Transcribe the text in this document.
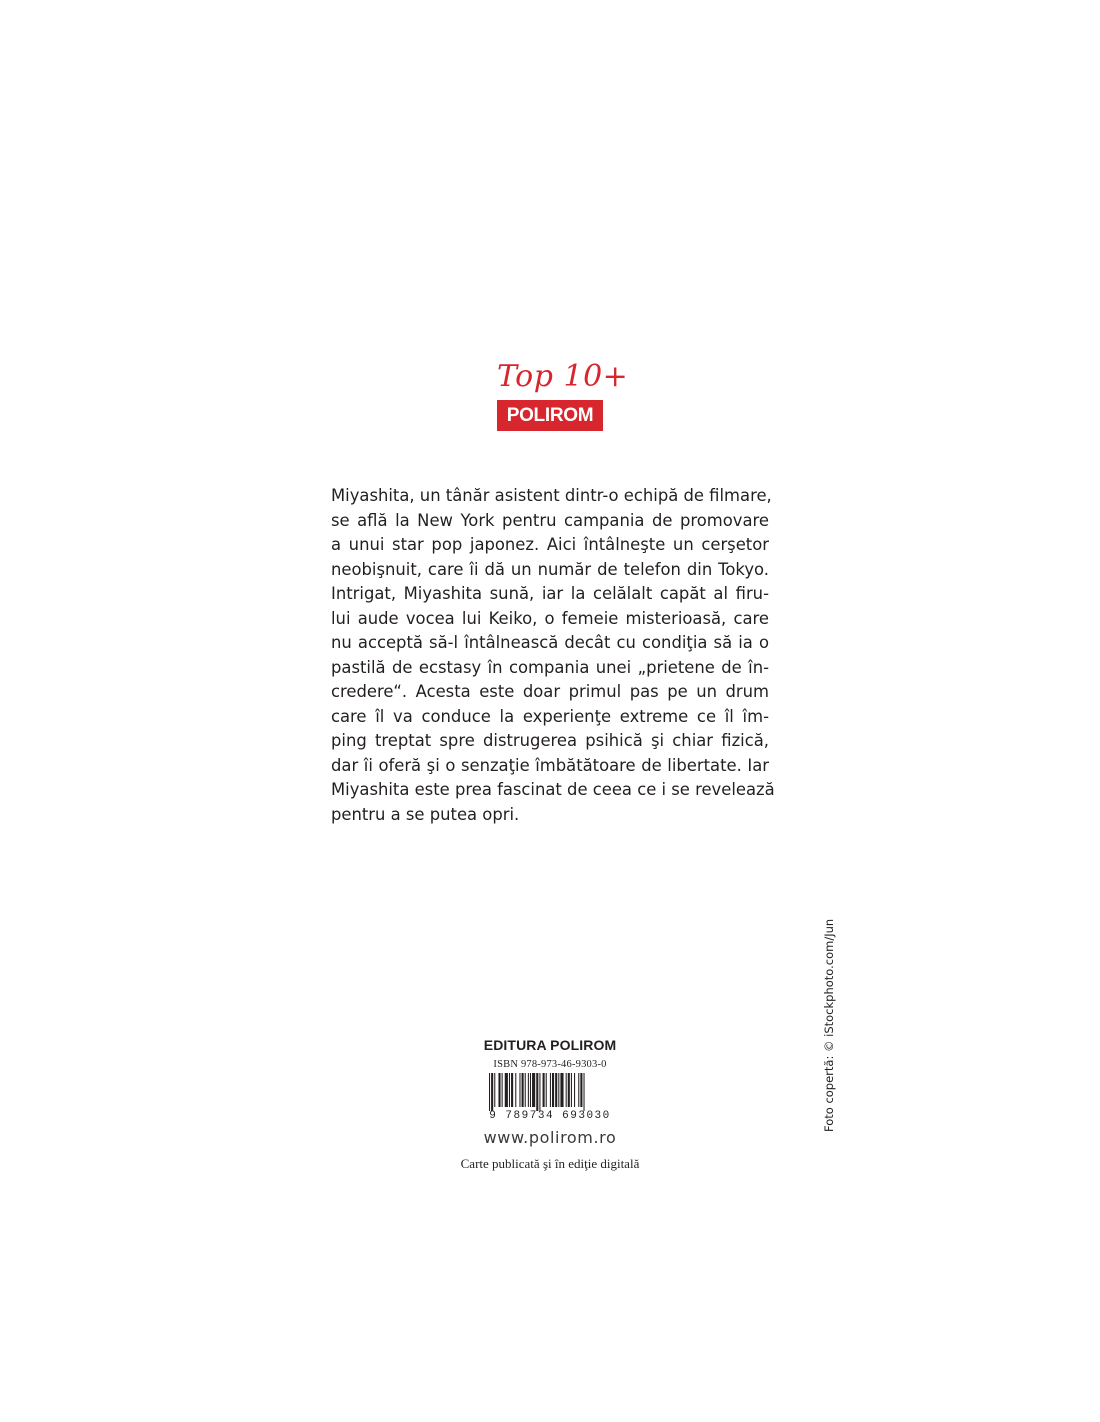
Top 10+
POLIROM
Miyashita, un tânăr asistent dintr-o echipă de filmare,
se află la New York pentru campania de promovare
a unui star pop japonez. Aici întâlneşte un cerşetor
neobişnuit, care îi dă un număr de telefon din Tokyo.
Intrigat, Miyashita sună, iar la celălalt capăt al firu-
lui aude vocea lui Keiko, o femeie misterioasă, care
nu acceptă să-l întâlnească decât cu condiţia să ia o
pastilă de ecstasy în compania unei „prietene de în-
credere“. Acesta este doar primul pas pe un drum
care îl va conduce la experienţe extreme ce îl îm-
ping treptat spre distrugerea psihică şi chiar fizică,
dar îi oferă şi o senzaţie îmbătătoare de libertate. Iar
Miyashita este prea fascinat de ceea ce i se revelează
pentru a se putea opri.
EDITURA POLIROM
ISBN 978-973-46-9303-0
9 789734 693030
www.polirom.ro
Carte publicată şi în ediţie digitală
Foto copertă: © iStockphoto.com/Jun
